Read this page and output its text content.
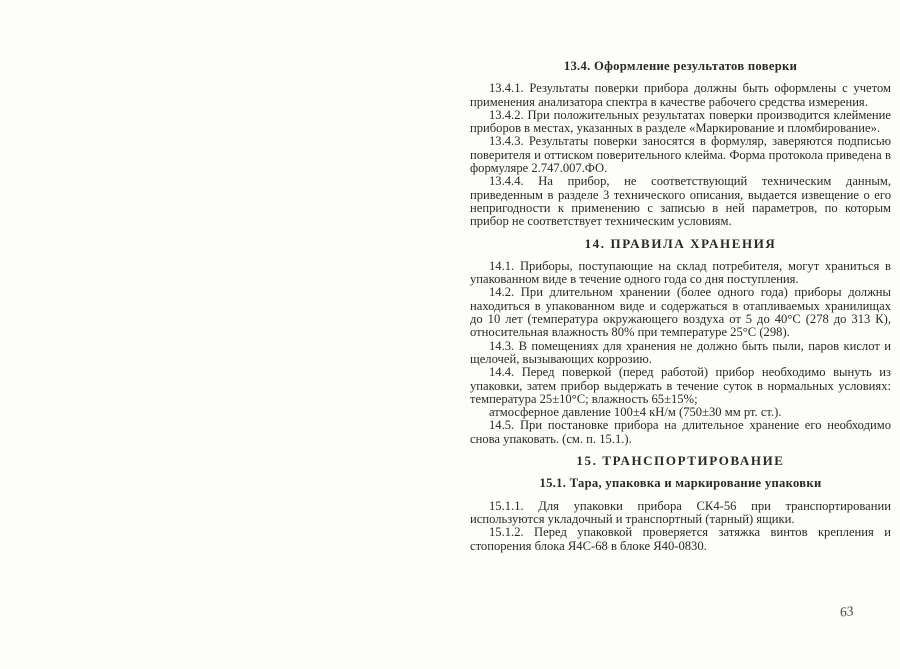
13.4. Оформление результатов поверки

13.4.1. Результаты поверки прибора должны быть оформлены с учетом применения анализатора спектра в качестве рабочего средства измерения.

13.4.2. При положительных результатах поверки производится клеймение приборов в местах, указанных в разделе «Маркирование и пломбирование».

13.4.3. Результаты поверки заносятся в формуляр, заверяются подписью поверителя и оттиском поверительного клейма. Форма протокола приведена в формуляре 2.747.007.ФО.

13.4.4. На прибор, не соответствующий техническим данным, приведенным в разделе 3 технического описания, выдается извещение о его непригодности к применению с записью в ней параметров, по которым прибор не соответствует техническим условиям.

14. ПРАВИЛА ХРАНЕНИЯ

14.1. Приборы, поступающие на склад потребителя, могут храниться в упакованном виде в течение одного года со дня поступления.

14.2. При длительном хранении (более одного года) приборы должны находиться в упакованном виде и содержаться в отапливаемых хранилищах до 10 лет (температура окружающего воздуха от 5 до 40°С (278 до 313 К), относительная влажность 80% при температуре 25°С (298).

14.3. В помещениях для хранения не должно быть пыли, паров кислот и щелочей, вызывающих коррозию.

14.4. Перед поверкой (перед работой) прибор необходимо вынуть из упаковки, затем прибор выдержать в течение суток в нормальных условиях: температура 25±10°С; влажность 65±15%;

атмосферное давление 100±4 кН/м (750±30 мм рт. ст.).

14.5. При постановке прибора на длительное хранение его необходимо снова упаковать. (см. п. 15.1.).

15. ТРАНСПОРТИРОВАНИЕ
15.1. Тара, упаковка и маркирование упаковки

15.1.1. Для упаковки прибора СК4-56 при транспортировании используются укладочный и транспортный (тарный) ящики.

15.1.2. Перед упаковкой проверяется затяжка винтов крепления и стопорения блока Я4С-68 в блоке Я40-0830.

63
